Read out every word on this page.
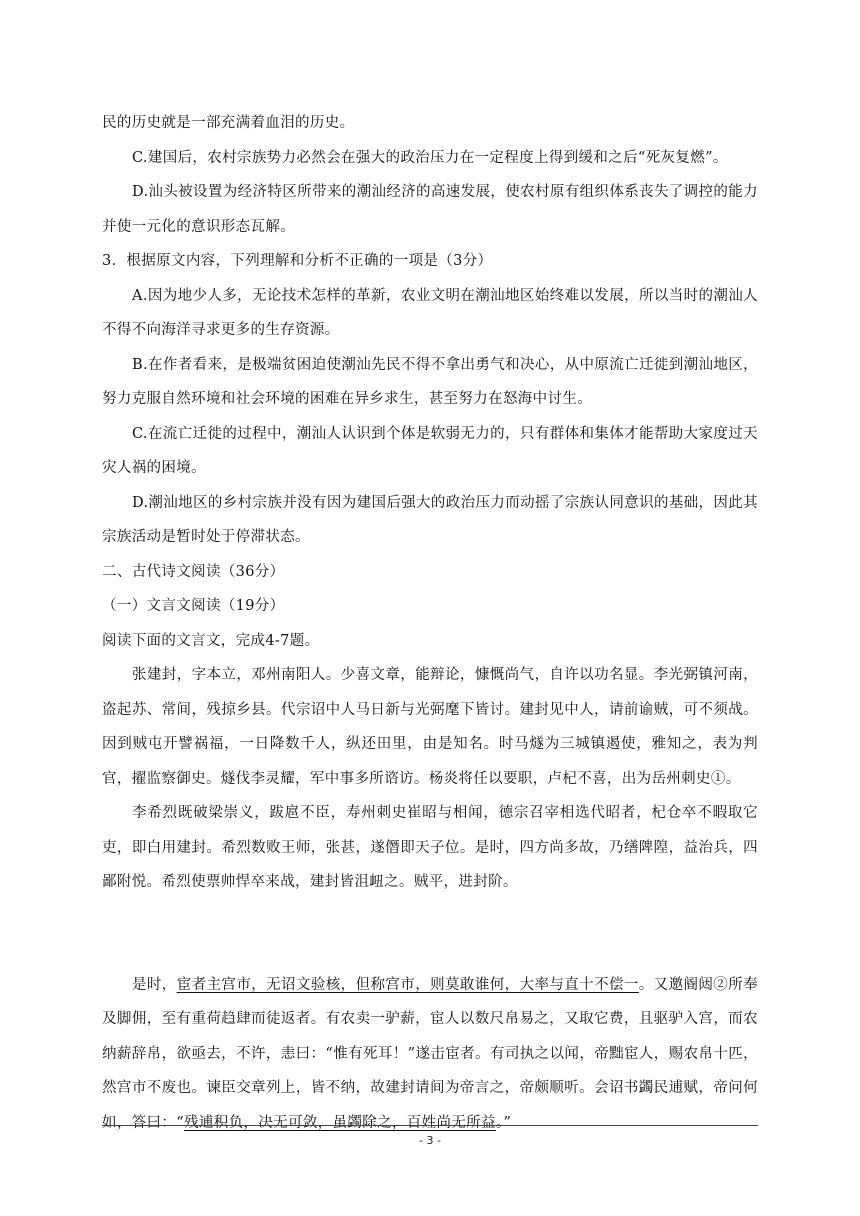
民的历史就是一部充满着血泪的历史。

C.建国后，农村宗族势力必然会在强大的政治压力在一定程度上得到缓和之后“死灰复燃”。

D.汕头被设置为经济特区所带来的潮汕经济的高速发展，使农村原有组织体系丧失了调控的能力并使一元化的意识形态瓦解。

3．根据原文内容，下列理解和分析不正确的一项是（3分）

A.因为地少人多，无论技术怎样的革新，农业文明在潮汕地区始终难以发展，所以当时的潮汕人不得不向海洋寻求更多的生存资源。

B.在作者看来，是极端贫困迫使潮汕先民不得不拿出勇气和决心，从中原流亡迁徙到潮汕地区，努力克服自然环境和社会环境的困难在异乡求生，甚至努力在怒海中讨生。

C.在流亡迁徙的过程中，潮汕人认识到个体是软弱无力的，只有群体和集体才能帮助大家度过天灾人祸的困境。

D.潮汕地区的乡村宗族并没有因为建国后强大的政治压力而动摇了宗族认同意识的基础，因此其宗族活动是暂时处于停滞状态。

二、古代诗文阅读（36分）

（一）文言文阅读（19分）

阅读下面的文言文，完成4-7题。

张建封，字本立，邓州南阳人。少喜文章，能辩论，慷慨尚气，自许以功名显。李光弼镇河南，盗起苏、常间，残掠乡县。代宗诏中人马日新与光弼麾下皆讨。建封见中人，请前谕贼，可不须战。因到贼屯开譬祸福，一日降数千人，纵还田里，由是知名。时马燧为三城镇遏使，雅知之，表为判官，擢监察御史。燧伐李灵耀，军中事多所谘访。杨炎将任以要职，卢杞不喜，出为岳州刺史①。

李希烈既破梁崇义，跋扈不臣，寿州刺史崔昭与相闻，德宗召宰相选代昭者，杞仓卒不暇取它吏，即白用建封。希烈数败王师，张甚，遂僭即天子位。是时，四方尚多故，乃缮陴隍，益治兵，四鄙附悦。希烈使票帅悍卒来战，建封皆沮衄之。贼平，进封阶。

是时，宦者主宫市，无诏文验核，但称宫市，则莫敢谁何，大率与直十不偿一。又邀阍闼②所奉及脚佣，至有重荷趋肆而徒返者。有农卖一驴薪，宦人以数尺帛易之，又取它费，且驱驴入宫，而农纳薪辞帛，欲亟去，不许，恚曰：“惟有死耳！”遂击宦者。有司执之以闻，帝黜宦人，赐农帛十匹，然宫市不废也。谏臣交章列上，皆不纳，故建封请间为帝言之，帝颇顺听。会诏书蠲民逋赋，帝问何如，答曰：“残逋积负，决无可敛，虽蠲除之，百姓尚无所益。”

- 3 -
